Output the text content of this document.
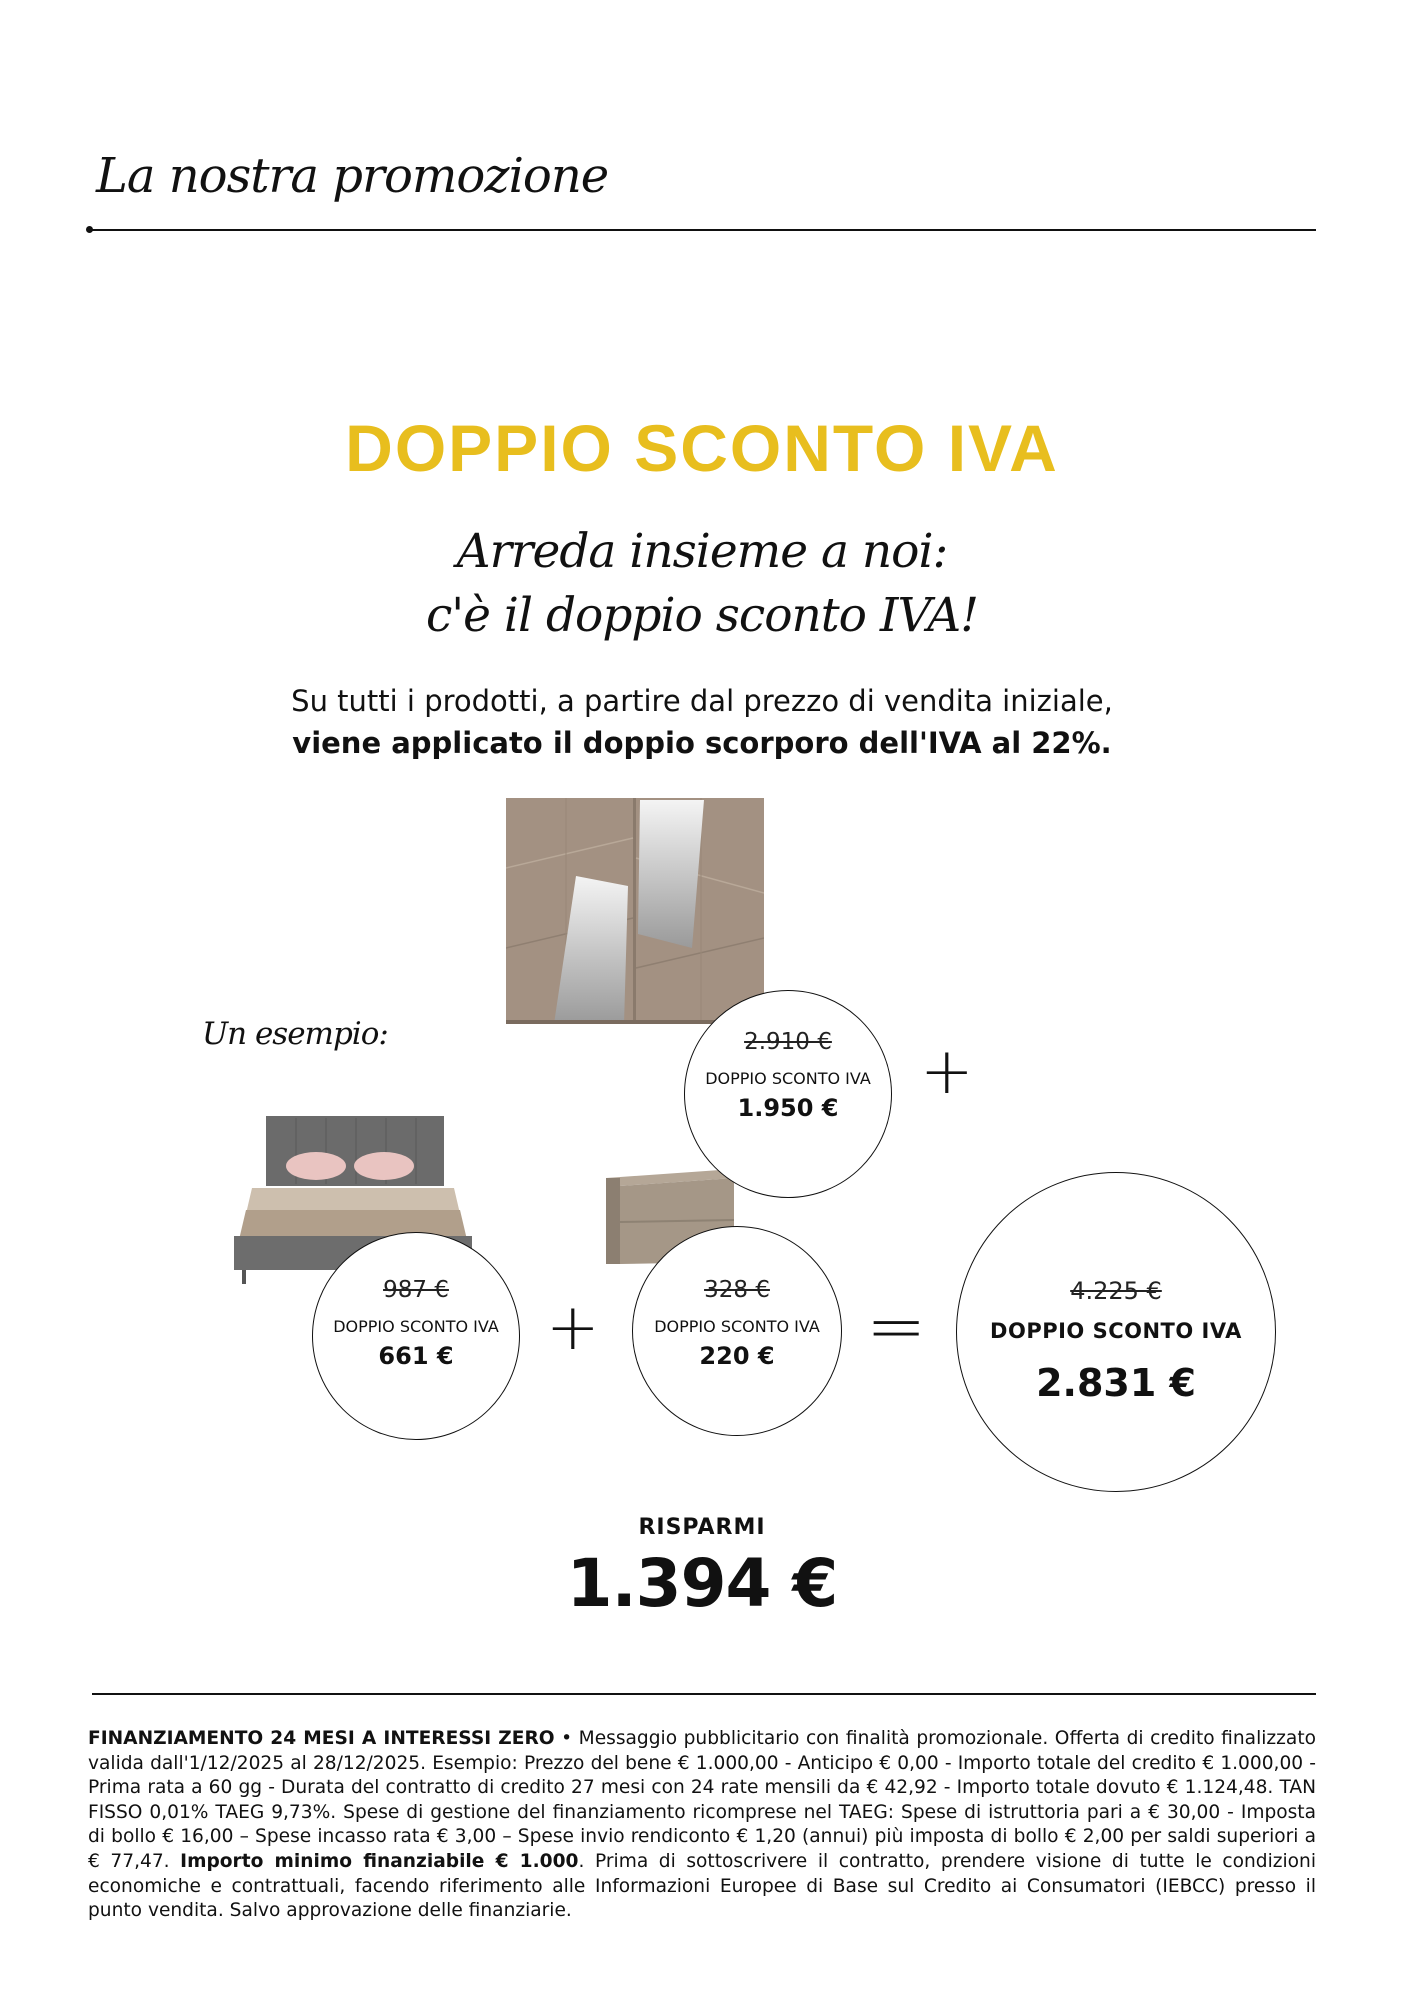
La nostra promozione
DOPPIO SCONTO IVA
Arreda insieme a noi:
c'è il doppio sconto IVA!
Su tutti i prodotti, a partire dal prezzo di vendita iniziale,
viene applicato il doppio scorporo dell'IVA al 22%.
Un esempio:	2.910 €
DOPPIO SCONTO IVA
1.950 €	+
987 €
DOPPIO SCONTO IVA
661 €	+
328 €
DOPPIO SCONTO IVA
220 €	=	4.225 €
DOPPIO SCONTO IVA
2.831 €
RISPARMI
1.394 €
FINANZIAMENTO 24 MESI A INTERESSI ZERO • Messaggio pubblicitario con finalità promozionale. Offerta di credito finalizzato valida dall'1/12/2025 al 28/12/2025. Esempio: Prezzo del bene € 1.000,00 - Anticipo € 0,00 - Importo totale del credito € 1.000,00 - Prima rata a 60 gg - Durata del contratto di credito 27 mesi con 24 rate mensili da € 42,92 - Importo totale dovuto € 1.124,48. TAN FISSO 0,01% TAEG 9,73%. Spese di gestione del finanziamento ricomprese nel TAEG: Spese di istruttoria pari a € 30,00 - Imposta di bollo € 16,00 – Spese incasso rata € 3,00 – Spese invio rendiconto € 1,20 (annui) più imposta di bollo € 2,00 per saldi superiori a € 77,47. Importo minimo finanziabile € 1.000. Prima di sottoscrivere il contratto, prendere visione di tutte le condizioni economiche e contrattuali, facendo riferimento alle Informazioni Europee di Base sul Credito ai Consumatori (IEBCC) presso il punto vendita. Salvo approvazione delle finanziarie.
